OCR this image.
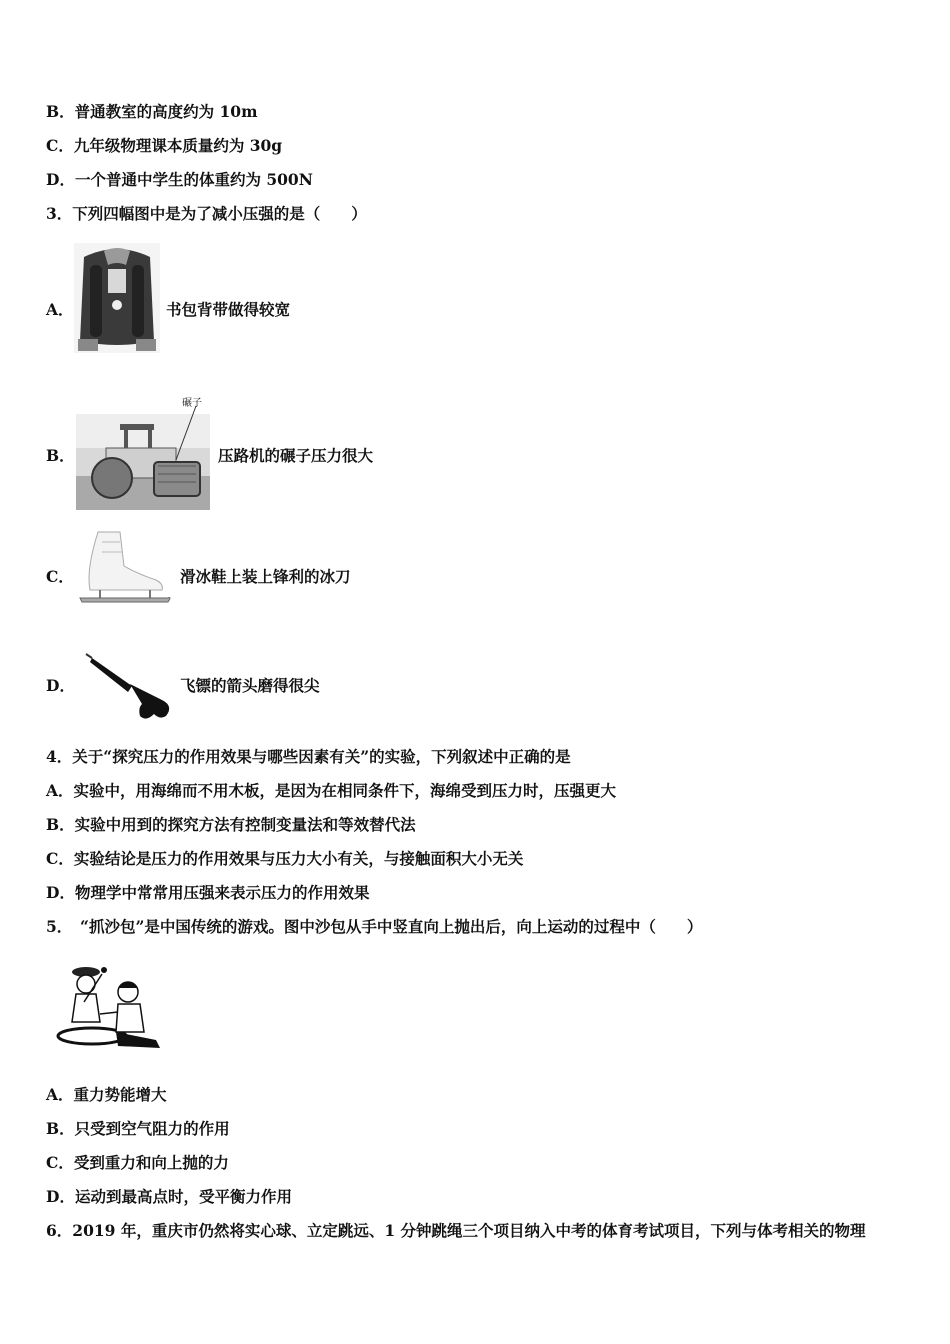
B．普通教室的高度约为 10m
C．九年级物理课本质量约为 30g
D．一个普通中学生的体重约为 500N
3．下列四幅图中是为了减小压强的是（　　）
A．	书包背带做得较宽
B．
碾子
压路机的碾子压力很大
C．	滑冰鞋上装上锋利的冰刀
D．	飞镖的箭头磨得很尖
4．关于“探究压力的作用效果与哪些因素有关”的实验，下列叙述中正确的是
A．实验中，用海绵而不用木板，是因为在相同条件下，海绵受到压力时，压强更大
B．实验中用到的探究方法有控制变量法和等效替代法
C．实验结论是压力的作用效果与压力大小有关，与接触面积大小无关
D．物理学中常常用压强来表示压力的作用效果
5．　“抓沙包”是中国传统的游戏。图中沙包从手中竖直向上抛出后，向上运动的过程中（　　）
A．重力势能增大
B．只受到空气阻力的作用
C．受到重力和向上抛的力
D．运动到最高点时，受平衡力作用
6．2019 年，重庆市仍然将实心球、立定跳远、1 分钟跳绳三个项目纳入中考的体育考试项目，下列与体考相关的物理
